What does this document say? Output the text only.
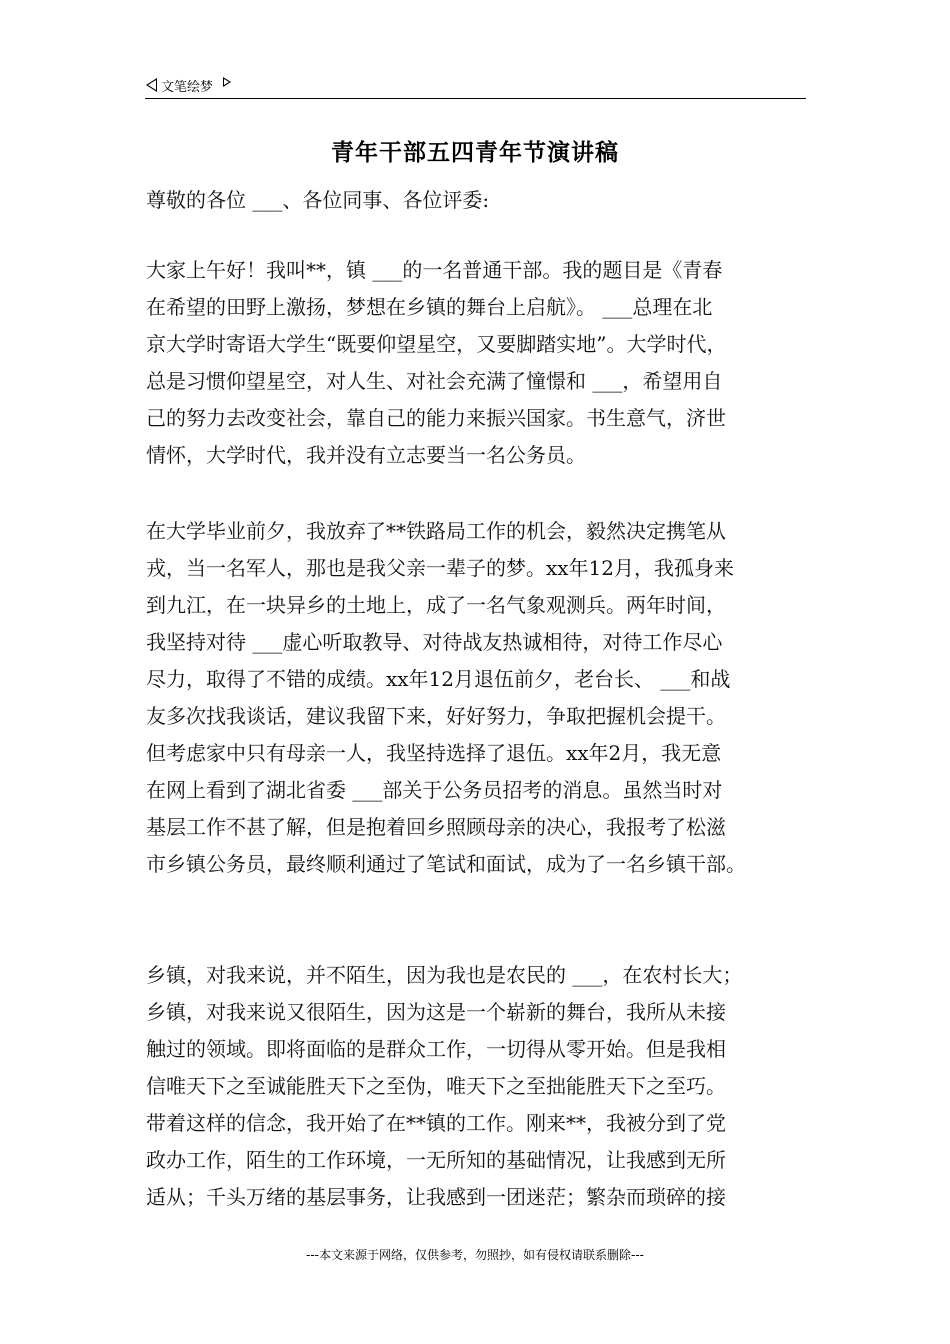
文笔绘梦
青年干部五四青年节演讲稿
尊敬的各位 ___、各位同事、各位评委:
大家上午好！我叫**，镇 ___的一名普通干部。我的题目是《青春
在希望的田野上激扬，梦想在乡镇的舞台上启航》。 ___总理在北
京大学时寄语大学生“既要仰望星空，又要脚踏实地”。大学时代，
总是习惯仰望星空，对人生、对社会充满了憧憬和 ___，希望用自
己的努力去改变社会，靠自己的能力来振兴国家。书生意气，济世
情怀，大学时代，我并没有立志要当一名公务员。
在大学毕业前夕，我放弃了**铁路局工作的机会，毅然决定携笔从
戎，当一名军人，那也是我父亲一辈子的梦。xx年12月，我孤身来
到九江，在一块异乡的土地上，成了一名气象观测兵。两年时间，
我坚持对待 ___虚心听取教导、对待战友热诚相待，对待工作尽心
尽力，取得了不错的成绩。xx年12月退伍前夕，老台长、 ___和战
友多次找我谈话，建议我留下来，好好努力，争取把握机会提干。
但考虑家中只有母亲一人，我坚持选择了退伍。xx年2月，我无意
在网上看到了湖北省委 ___部关于公务员招考的消息。虽然当时对
基层工作不甚了解，但是抱着回乡照顾母亲的决心，我报考了松滋
市乡镇公务员，最终顺利通过了笔试和面试，成为了一名乡镇干部。
乡镇，对我来说，并不陌生，因为我也是农民的 ___，在农村长大；
乡镇，对我来说又很陌生，因为这是一个崭新的舞台，我所从未接
触过的领域。即将面临的是群众工作，一切得从零开始。但是我相
信唯天下之至诚能胜天下之至伪，唯天下之至拙能胜天下之至巧。
带着这样的信念，我开始了在**镇的工作。刚来**，我被分到了党
政办工作，陌生的工作环境，一无所知的基础情况，让我感到无所
适从；千头万绪的基层事务，让我感到一团迷茫；繁杂而琐碎的接
---本文来源于网络，仅供参考，勿照抄，如有侵权请联系删除---
